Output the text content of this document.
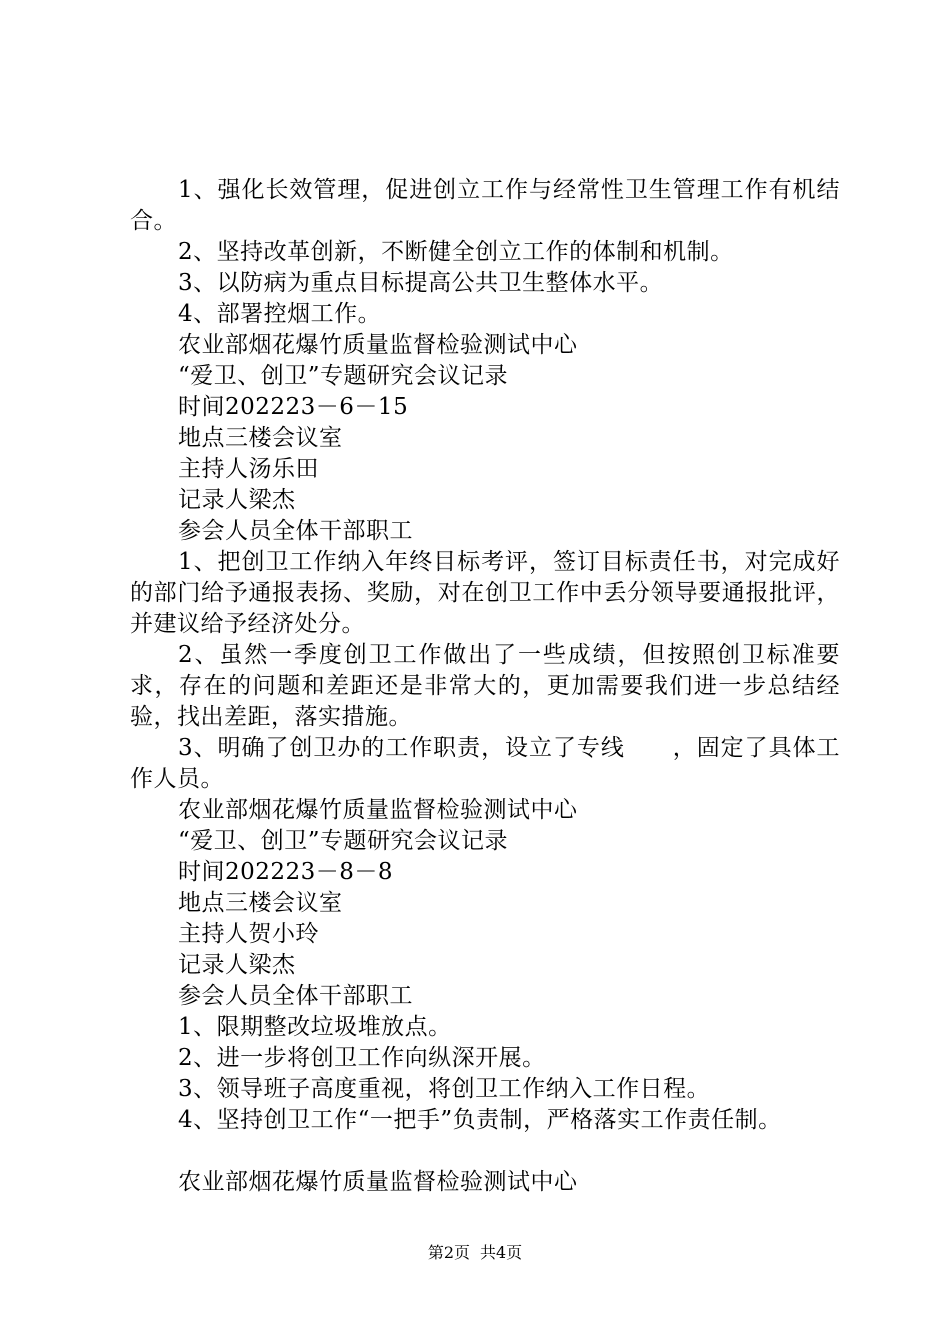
1、强化长效管理，促进创立工作与经常性卫生管理工作有机结合。

2、坚持改革创新，不断健全创立工作的体制和机制。

3、以防病为重点目标提高公共卫生整体水平。

4、部署控烟工作。

农业部烟花爆竹质量监督检验测试中心

“爱卫、创卫”专题研究会议记录

时间202223－6－15

地点三楼会议室

主持人汤乐田

记录人梁杰

参会人员全体干部职工

1、把创卫工作纳入年终目标考评，签订目标责任书，对完成好的部门给予通报表扬、奖励，对在创卫工作中丢分领导要通报批评，并建议给予经济处分。

2、虽然一季度创卫工作做出了一些成绩，但按照创卫标准要求，存在的问题和差距还是非常大的，更加需要我们进一步总结经验，找出差距，落实措施。

3、明确了创卫办的工作职责，设立了专线　　，固定了具体工作人员。

农业部烟花爆竹质量监督检验测试中心

“爱卫、创卫”专题研究会议记录

时间202223－8－8

地点三楼会议室

主持人贺小玲

记录人梁杰

参会人员全体干部职工

1、限期整改垃圾堆放点。

2、进一步将创卫工作向纵深开展。

3、领导班子高度重视，将创卫工作纳入工作日程。

4、坚持创卫工作“一把手”负责制，严格落实工作责任制。

农业部烟花爆竹质量监督检验测试中心

第2页 共4页
